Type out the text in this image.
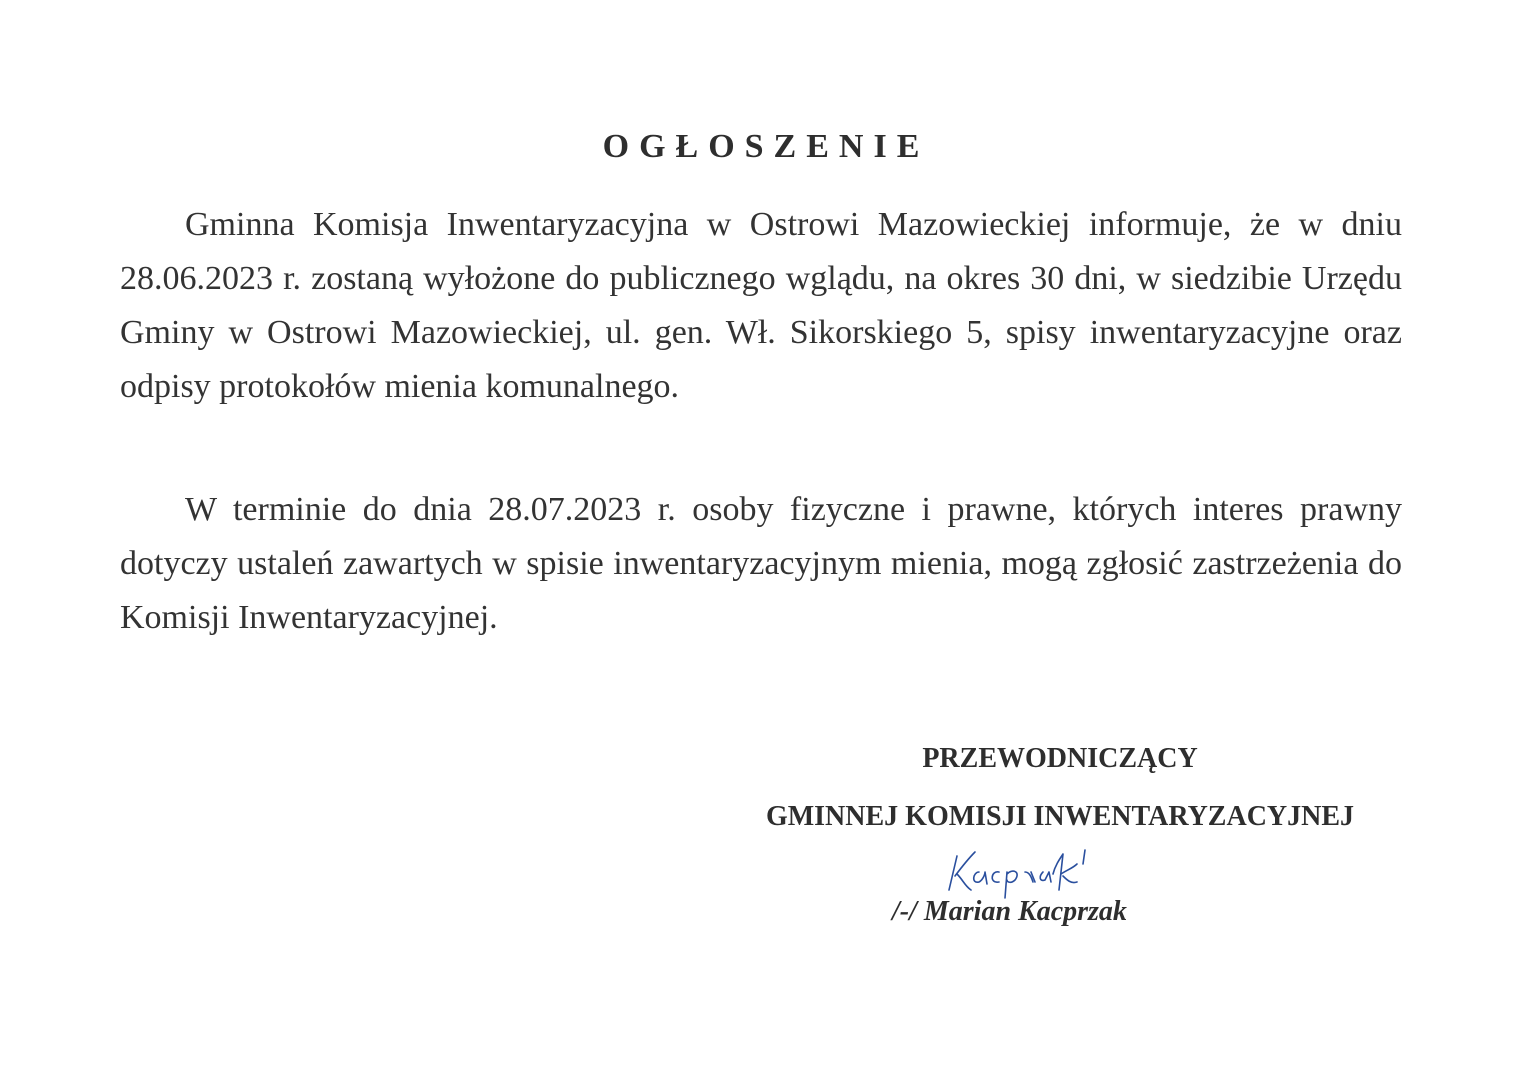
OGŁOSZENIE

Gminna Komisja Inwentaryzacyjna w Ostrowi Mazowieckiej informuje, że w dniu 28.06.2023 r. zostaną wyłożone do publicznego wglądu, na okres 30 dni, w siedzibie Urzędu Gminy w Ostrowi Mazowieckiej, ul. gen. Wł. Sikorskiego 5, spisy inwentaryzacyjne oraz odpisy protokołów mienia komunalnego.

W terminie do dnia 28.07.2023 r. osoby fizyczne i prawne, których interes prawny dotyczy ustaleń zawartych w spisie inwentaryzacyjnym mienia, mogą zgłosić zastrzeżenia do Komisji Inwentaryzacyjnej.

PRZEWODNICZĄCY

GMINNEJ KOMISJI INWENTARYZACYJNEJ

/-/ Marian Kacprzak
